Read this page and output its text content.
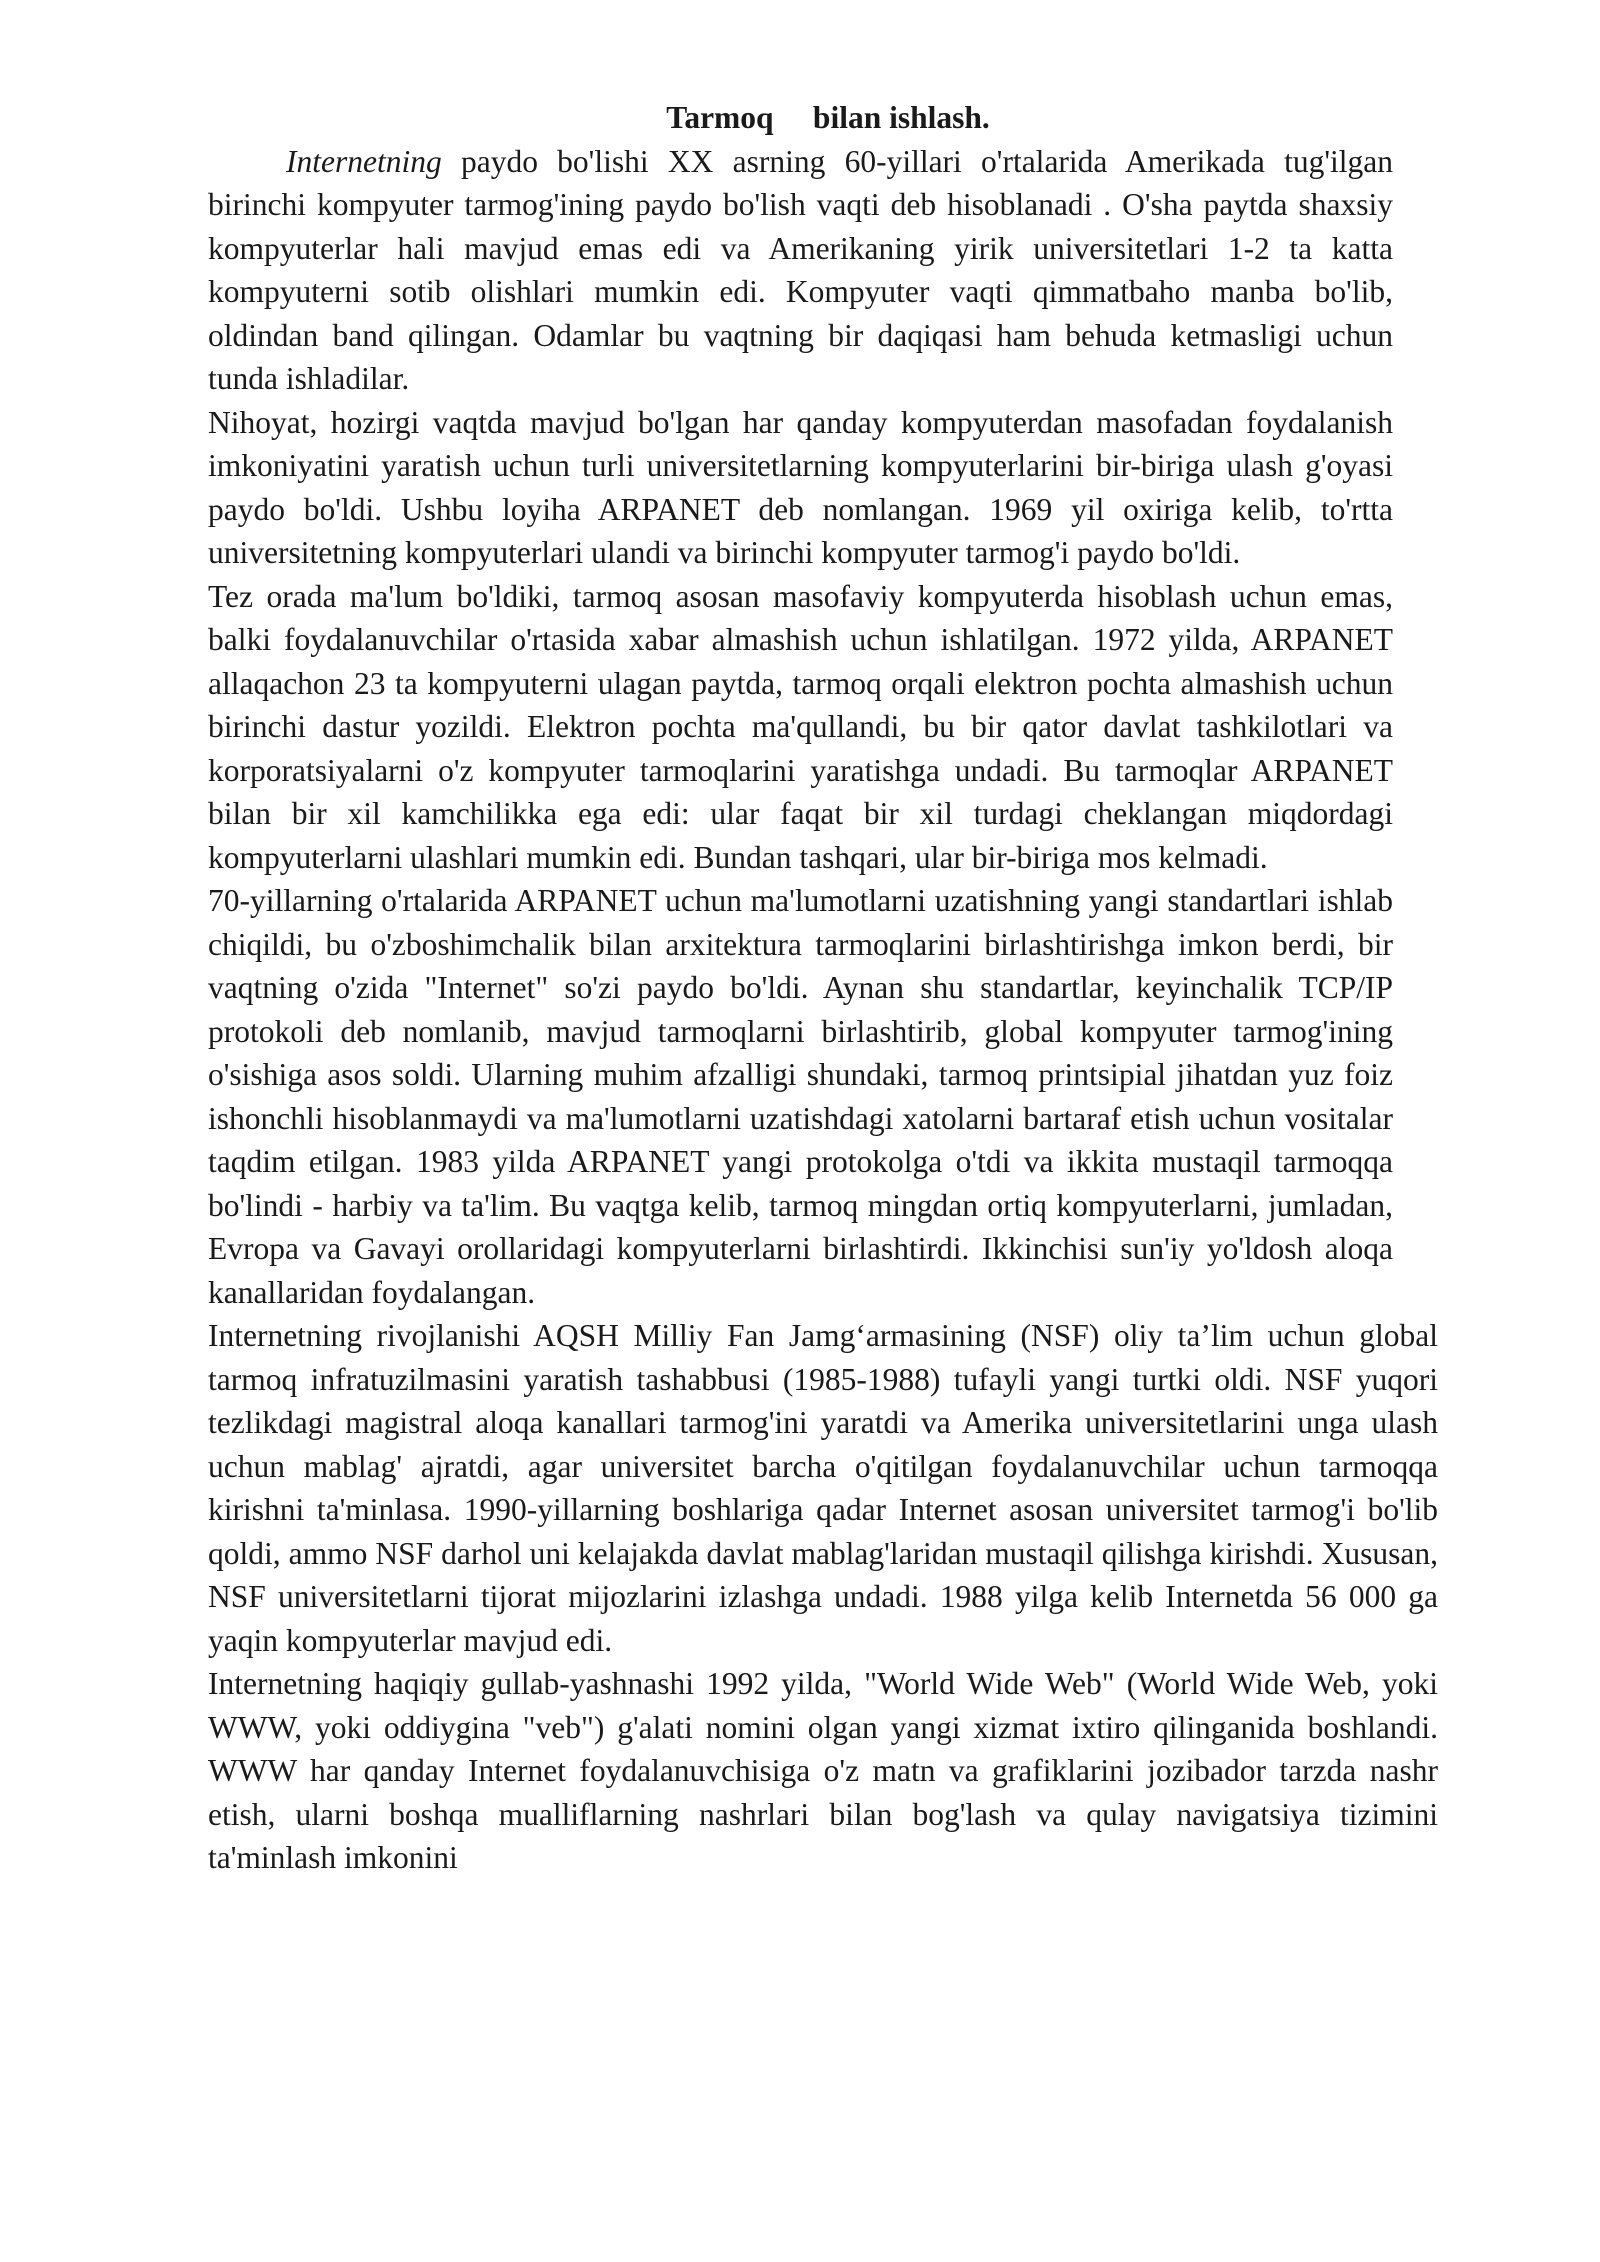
Tarmoq     bilan ishlash.

Internetning paydo bo'lishi XX asrning 60-yillari o'rtalarida Amerikada tug'ilgan birinchi kompyuter tarmog'ining paydo bo'lish vaqti deb hisoblanadi . O'sha paytda shaxsiy kompyuterlar hali mavjud emas edi va Amerikaning yirik universitetlari 1-2 ta katta kompyuterni sotib olishlari mumkin edi. Kompyuter vaqti qimmatbaho manba bo'lib, oldindan band qilingan. Odamlar bu vaqtning bir daqiqasi ham behuda ketmasligi uchun tunda ishladilar.

Nihoyat, hozirgi vaqtda mavjud bo'lgan har qanday kompyuterdan masofadan foydalanish imkoniyatini yaratish uchun turli universitetlarning kompyuterlarini bir-biriga ulash g'oyasi paydo bo'ldi. Ushbu loyiha ARPANET deb nomlangan. 1969 yil oxiriga kelib, to'rtta universitetning kompyuterlari ulandi va birinchi kompyuter tarmog'i paydo bo'ldi.

Tez orada ma'lum bo'ldiki, tarmoq asosan masofaviy kompyuterda hisoblash uchun emas, balki foydalanuvchilar o'rtasida xabar almashish uchun ishlatilgan. 1972 yilda, ARPANET allaqachon 23 ta kompyuterni ulagan paytda, tarmoq orqali elektron pochta almashish uchun birinchi dastur yozildi. Elektron pochta ma'qullandi, bu bir qator davlat tashkilotlari va korporatsiyalarni o'z kompyuter tarmoqlarini yaratishga undadi. Bu tarmoqlar ARPANET bilan bir xil kamchilikka ega edi: ular faqat bir xil turdagi cheklangan miqdordagi kompyuterlarni ulashlari mumkin edi. Bundan tashqari, ular bir-biriga mos kelmadi.

70-yillarning o'rtalarida ARPANET uchun ma'lumotlarni uzatishning yangi standartlari ishlab chiqildi, bu o'zboshimchalik bilan arxitektura tarmoqlarini birlashtirishga imkon berdi, bir vaqtning o'zida "Internet" so'zi paydo bo'ldi. Aynan shu standartlar, keyinchalik TCP/IP protokoli deb nomlanib, mavjud tarmoqlarni birlashtirib, global kompyuter tarmog'ining o'sishiga asos soldi. Ularning muhim afzalligi shundaki, tarmoq printsipial jihatdan yuz foiz ishonchli hisoblanmaydi va ma'lumotlarni uzatishdagi xatolarni bartaraf etish uchun vositalar taqdim etilgan. 1983 yilda ARPANET yangi protokolga o'tdi va ikkita mustaqil tarmoqqa bo'lindi - harbiy va ta'lim. Bu vaqtga kelib, tarmoq mingdan ortiq kompyuterlarni, jumladan, Evropa va Gavayi orollaridagi kompyuterlarni birlashtirdi. Ikkinchisi sun'iy yo'ldosh aloqa kanallaridan foydalangan.

Internetning rivojlanishi AQSH Milliy Fan Jamg‘armasining (NSF) oliy ta’lim uchun global tarmoq infratuzilmasini yaratish tashabbusi (1985-1988) tufayli yangi turtki oldi. NSF yuqori tezlikdagi magistral aloqa kanallari tarmog'ini yaratdi va Amerika universitetlarini unga ulash uchun mablag' ajratdi, agar universitet barcha o'qitilgan foydalanuvchilar uchun tarmoqqa kirishni ta'minlasa. 1990-yillarning boshlariga qadar Internet asosan universitet tarmog'i bo'lib qoldi, ammo NSF darhol uni kelajakda davlat mablag'laridan mustaqil qilishga kirishdi. Xususan, NSF universitetlarni tijorat mijozlarini izlashga undadi. 1988 yilga kelib Internetda 56 000 ga yaqin kompyuterlar mavjud edi.

Internetning haqiqiy gullab-yashnashi 1992 yilda, "World Wide Web" (World Wide Web, yoki WWW, yoki oddiygina "veb") g'alati nomini olgan yangi xizmat ixtiro qilinganida boshlandi. WWW har qanday Internet foydalanuvchisiga o'z matn va grafiklarini jozibador tarzda nashr etish, ularni boshqa mualliflarning nashrlari bilan bog'lash va qulay navigatsiya tizimini ta'minlash imkonini
